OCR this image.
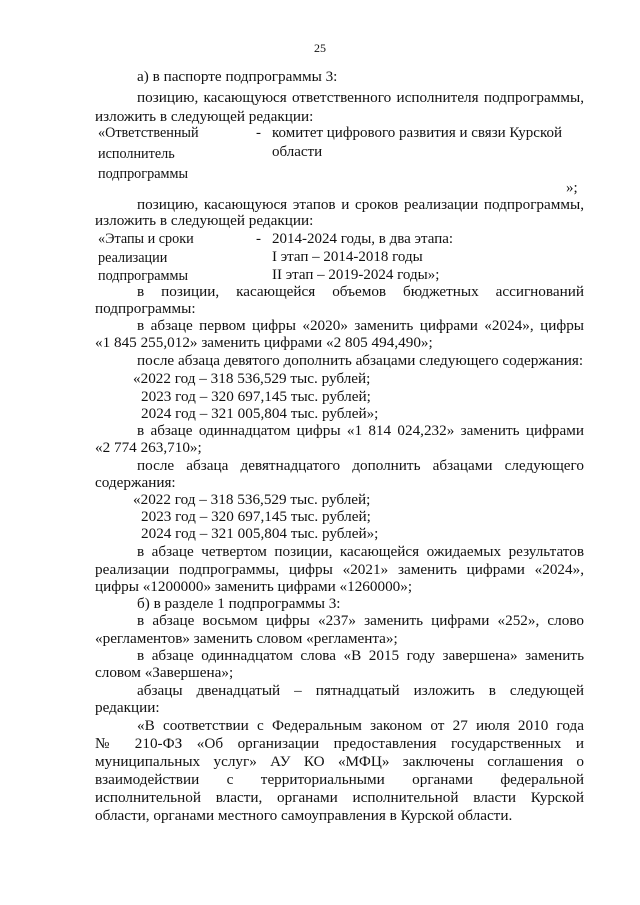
25
а) в паспорте подпрограммы 3:
позицию, касающуюся ответственного исполнителя подпрограммы,
изложить в следующей редакции:
«Ответственный
исполнитель
подпрограммы
- комитет цифрового развития и связи Курской
области
»;
позицию, касающуюся этапов и сроков реализации подпрограммы,
изложить в следующей редакции:
«Этапы и сроки
реализации
подпрограммы
- 2014-2024 годы, в два этапа:
I этап – 2014-2018 годы
II этап – 2019-2024 годы»;
в позиции, касающейся объемов бюджетных ассигнований
подпрограммы:
в абзаце первом цифры «2020» заменить цифрами «2024», цифры
«1 845 255,012» заменить цифрами «2 805 494,490»;
после абзаца девятого дополнить абзацами следующего содержания:
«2022 год – 318 536,529 тыс. рублей;
2023 год – 320 697,145 тыс. рублей;
2024 год – 321 005,804 тыс. рублей»;
в абзаце одиннадцатом цифры «1 814 024,232» заменить цифрами
«2 774 263,710»;
после абзаца девятнадцатого дополнить абзацами следующего
содержания:
«2022 год – 318 536,529 тыс. рублей;
2023 год – 320 697,145 тыс. рублей;
2024 год – 321 005,804 тыс. рублей»;
в абзаце четвертом позиции, касающейся ожидаемых результатов
реализации подпрограммы, цифры «2021» заменить цифрами «2024»,
цифры «1200000» заменить цифрами «1260000»;
б) в разделе 1 подпрограммы 3:
в абзаце восьмом цифры «237» заменить цифрами «252», слово
«регламентов» заменить словом «регламента»;
в абзаце одиннадцатом слова «В 2015 году завершена» заменить
словом «Завершена»;
абзацы двенадцатый – пятнадцатый изложить в следующей
редакции:
«В соответствии с Федеральным законом от 27 июля 2010 года
№ 210-ФЗ «Об организации предоставления государственных и
муниципальных услуг» АУ КО «МФЦ» заключены соглашения о
взаимодействии с территориальными органами федеральной
исполнительной власти, органами исполнительной власти Курской
области, органами местного самоуправления в Курской области.
